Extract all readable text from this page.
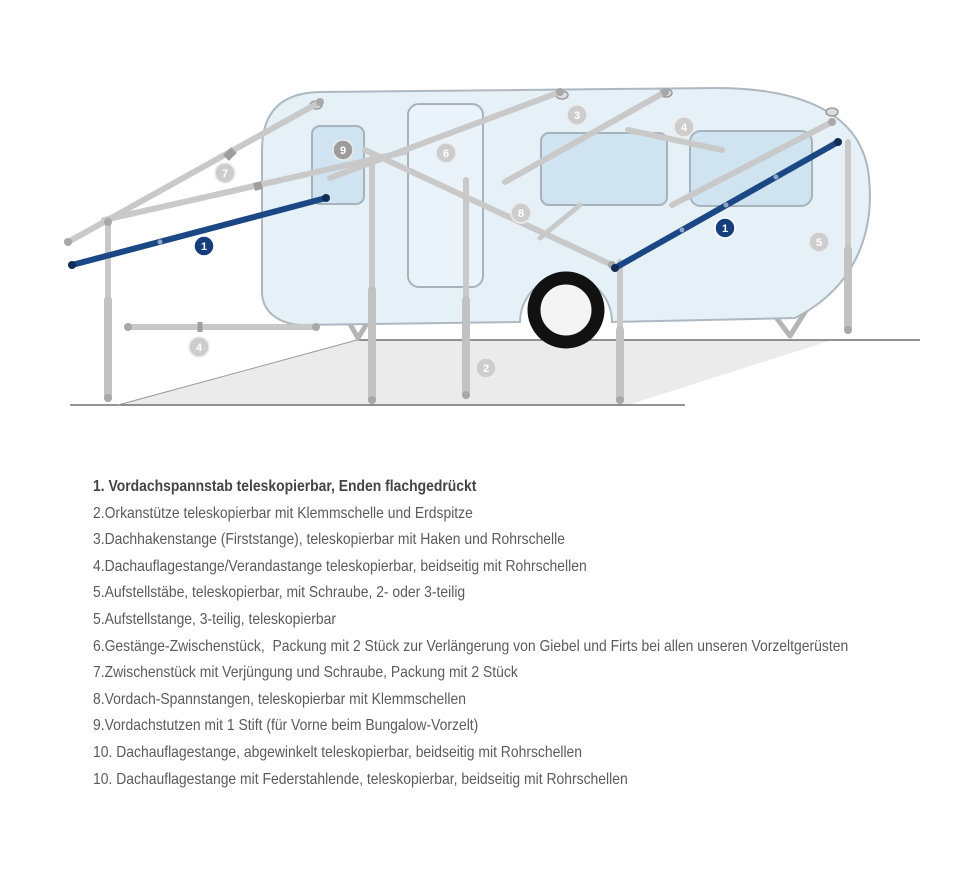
1
1
2
3
4
4
5
6
7
8
9
1. Vordachspannstab teleskopierbar, Enden flachgedrückt
2.Orkanstütze teleskopierbar mit Klemmschelle und Erdspitze
3.Dachhakenstange (Firststange), teleskopierbar mit Haken und Rohrschelle
4.Dachauflagestange/Verandastange teleskopierbar, beidseitig mit Rohrschellen
5.Aufstellstäbe, teleskopierbar, mit Schraube, 2- oder 3-teilig
5.Aufstellstange, 3-teilig, teleskopierbar
6.Gestänge-Zwischenstück,  Packung mit 2 Stück zur Verlängerung von Giebel und Firts bei allen unseren Vorzeltgerüsten
7.Zwischenstück mit Verjüngung und Schraube, Packung mit 2 Stück
8.Vordach-Spannstangen, teleskopierbar mit Klemmschellen
9.Vordachstutzen mit 1 Stift (für Vorne beim Bungalow-Vorzelt)
10. Dachauflagestange, abgewinkelt teleskopierbar, beidseitig mit Rohrschellen
10. Dachauflagestange mit Federstahlende, teleskopierbar, beidseitig mit Rohrschellen
